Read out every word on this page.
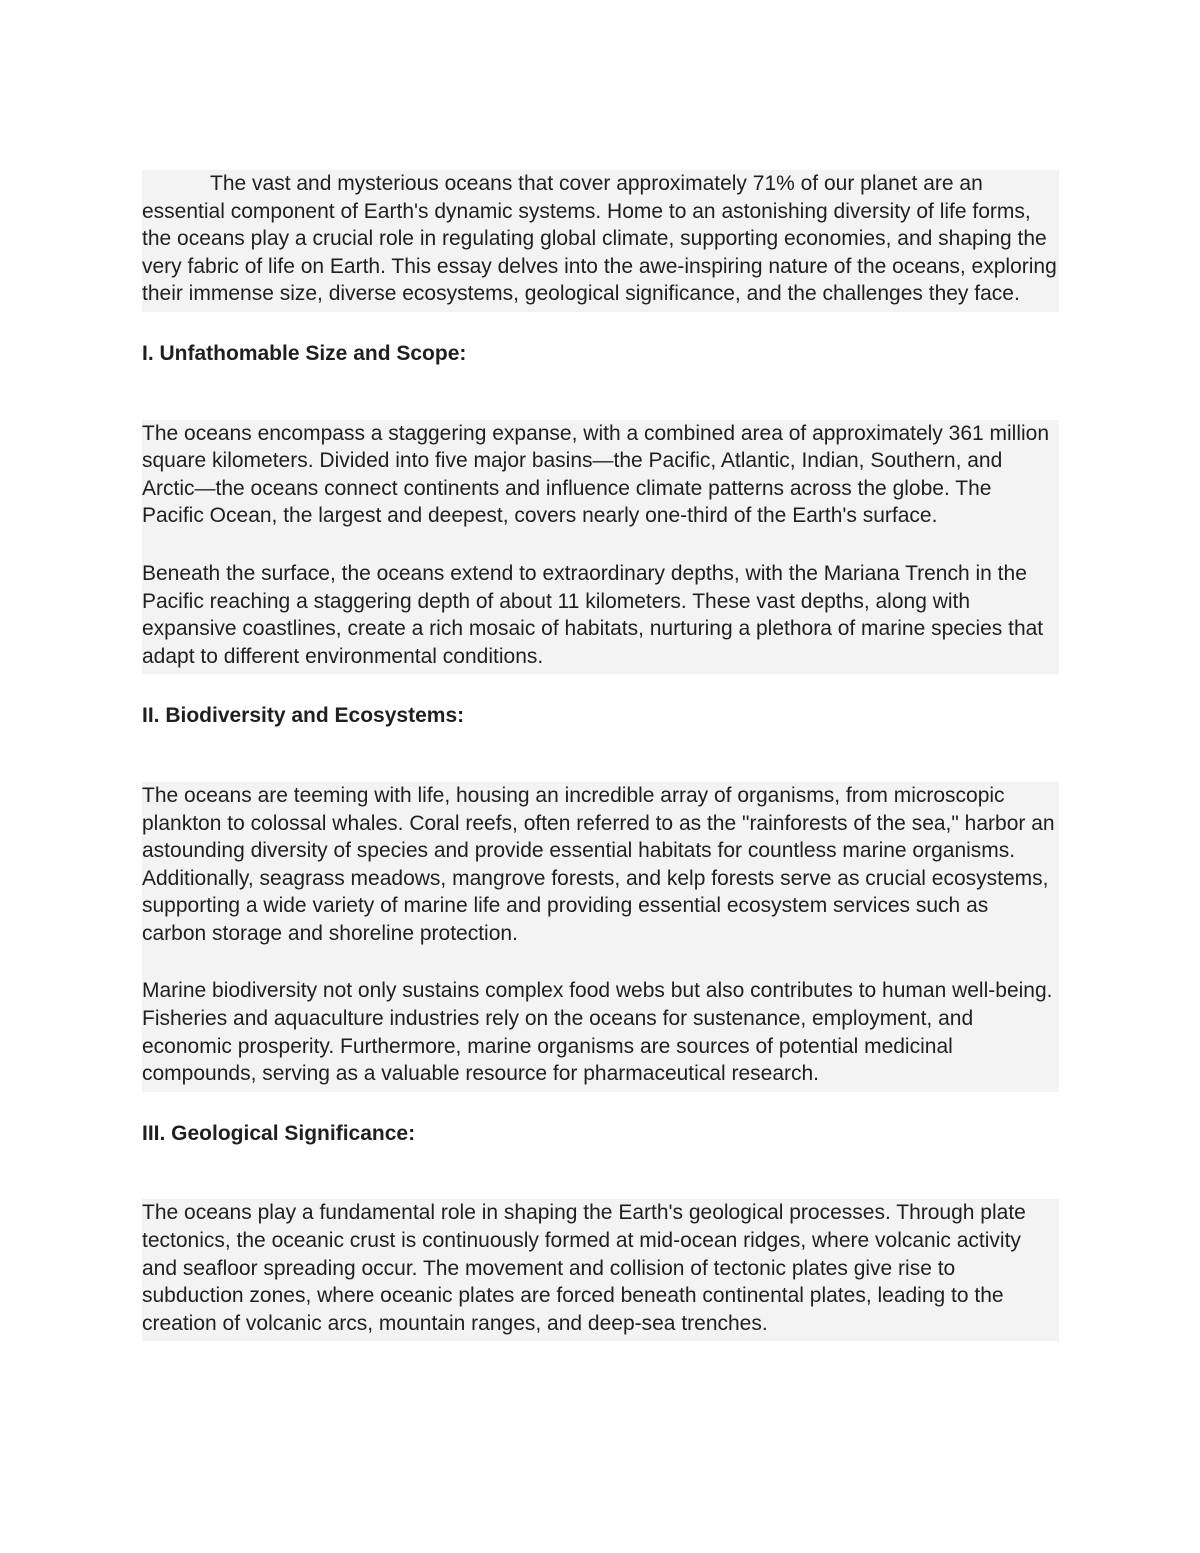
The vast and mysterious oceans that cover approximately 71% of our planet are an essential component of Earth's dynamic systems. Home to an astonishing diversity of life forms, the oceans play a crucial role in regulating global climate, supporting economies, and shaping the very fabric of life on Earth. This essay delves into the awe-inspiring nature of the oceans, exploring their immense size, diverse ecosystems, geological significance, and the challenges they face.

I. Unfathomable Size and Scope:

The oceans encompass a staggering expanse, with a combined area of approximately 361 million square kilometers. Divided into five major basins—the Pacific, Atlantic, Indian, Southern, and Arctic—the oceans connect continents and influence climate patterns across the globe. The Pacific Ocean, the largest and deepest, covers nearly one-third of the Earth's surface.

Beneath the surface, the oceans extend to extraordinary depths, with the Mariana Trench in the Pacific reaching a staggering depth of about 11 kilometers. These vast depths, along with expansive coastlines, create a rich mosaic of habitats, nurturing a plethora of marine species that adapt to different environmental conditions.

II. Biodiversity and Ecosystems:

The oceans are teeming with life, housing an incredible array of organisms, from microscopic plankton to colossal whales. Coral reefs, often referred to as the "rainforests of the sea," harbor an astounding diversity of species and provide essential habitats for countless marine organisms. Additionally, seagrass meadows, mangrove forests, and kelp forests serve as crucial ecosystems, supporting a wide variety of marine life and providing essential ecosystem services such as carbon storage and shoreline protection.

Marine biodiversity not only sustains complex food webs but also contributes to human well-being. Fisheries and aquaculture industries rely on the oceans for sustenance, employment, and economic prosperity. Furthermore, marine organisms are sources of potential medicinal compounds, serving as a valuable resource for pharmaceutical research.

III. Geological Significance:

The oceans play a fundamental role in shaping the Earth's geological processes. Through plate tectonics, the oceanic crust is continuously formed at mid-ocean ridges, where volcanic activity and seafloor spreading occur. The movement and collision of tectonic plates give rise to subduction zones, where oceanic plates are forced beneath continental plates, leading to the creation of volcanic arcs, mountain ranges, and deep-sea trenches.
